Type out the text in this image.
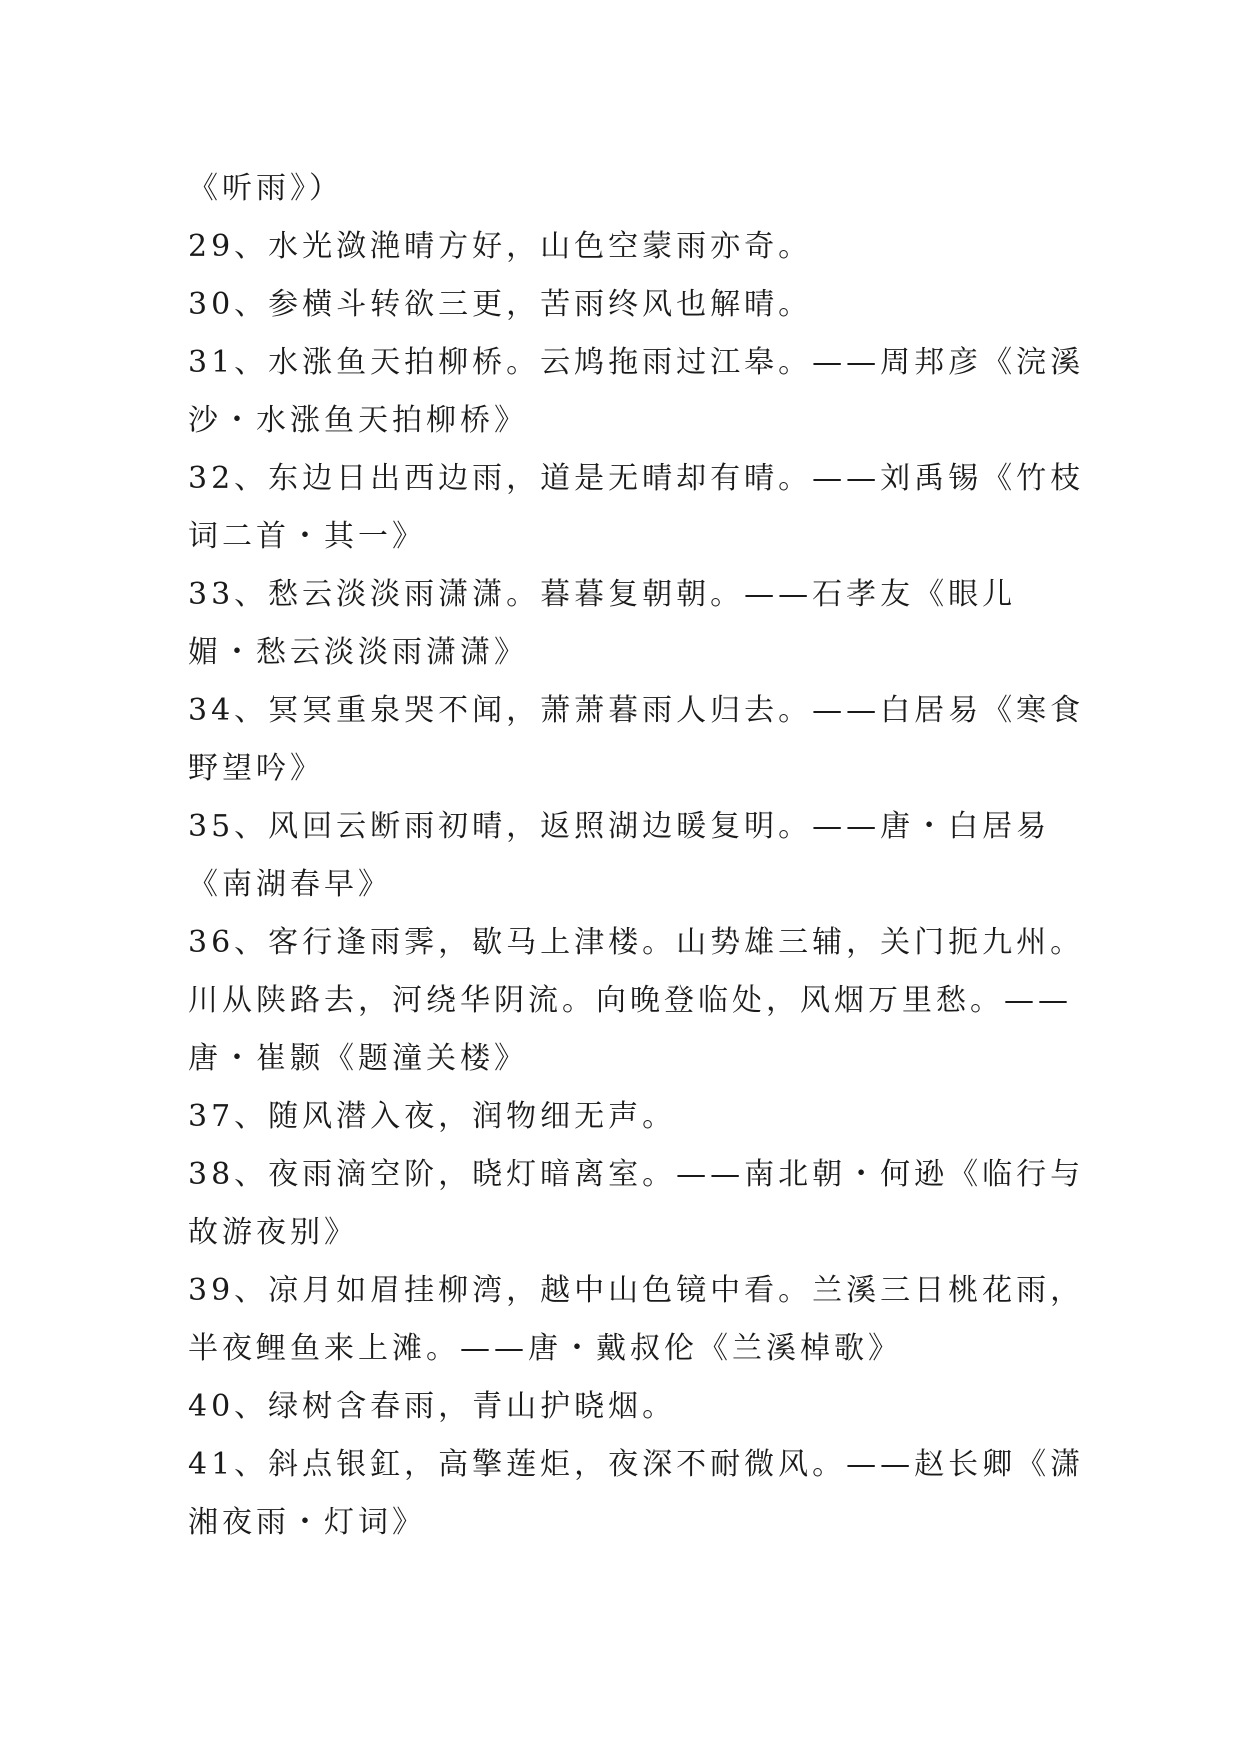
《听雨》）
29、水光潋滟晴方好，山色空蒙雨亦奇。
30、参横斗转欲三更，苦雨终风也解晴。
31、水涨鱼天拍柳桥。云鸠拖雨过江皋。——周邦彦《浣溪
沙・水涨鱼天拍柳桥》
32、东边日出西边雨，道是无晴却有晴。——刘禹锡《竹枝
词二首・其一》
33、愁云淡淡雨潇潇。暮暮复朝朝。——石孝友《眼儿
媚・愁云淡淡雨潇潇》
34、冥冥重泉哭不闻，萧萧暮雨人归去。——白居易《寒食
野望吟》
35、风回云断雨初晴，返照湖边暖复明。——唐・白居易
《南湖春早》
36、客行逢雨霁，歇马上津楼。山势雄三辅，关门扼九州。
川从陕路去，河绕华阴流。向晚登临处，风烟万里愁。——
唐・崔颢《题潼关楼》
37、随风潜入夜，润物细无声。
38、夜雨滴空阶，晓灯暗离室。——南北朝・何逊《临行与
故游夜别》
39、凉月如眉挂柳湾，越中山色镜中看。兰溪三日桃花雨，
半夜鲤鱼来上滩。——唐・戴叔伦《兰溪棹歌》
40、绿树含春雨，青山护晓烟。
41、斜点银釭，高擎莲炬，夜深不耐微风。——赵长卿《潇
湘夜雨・灯词》
